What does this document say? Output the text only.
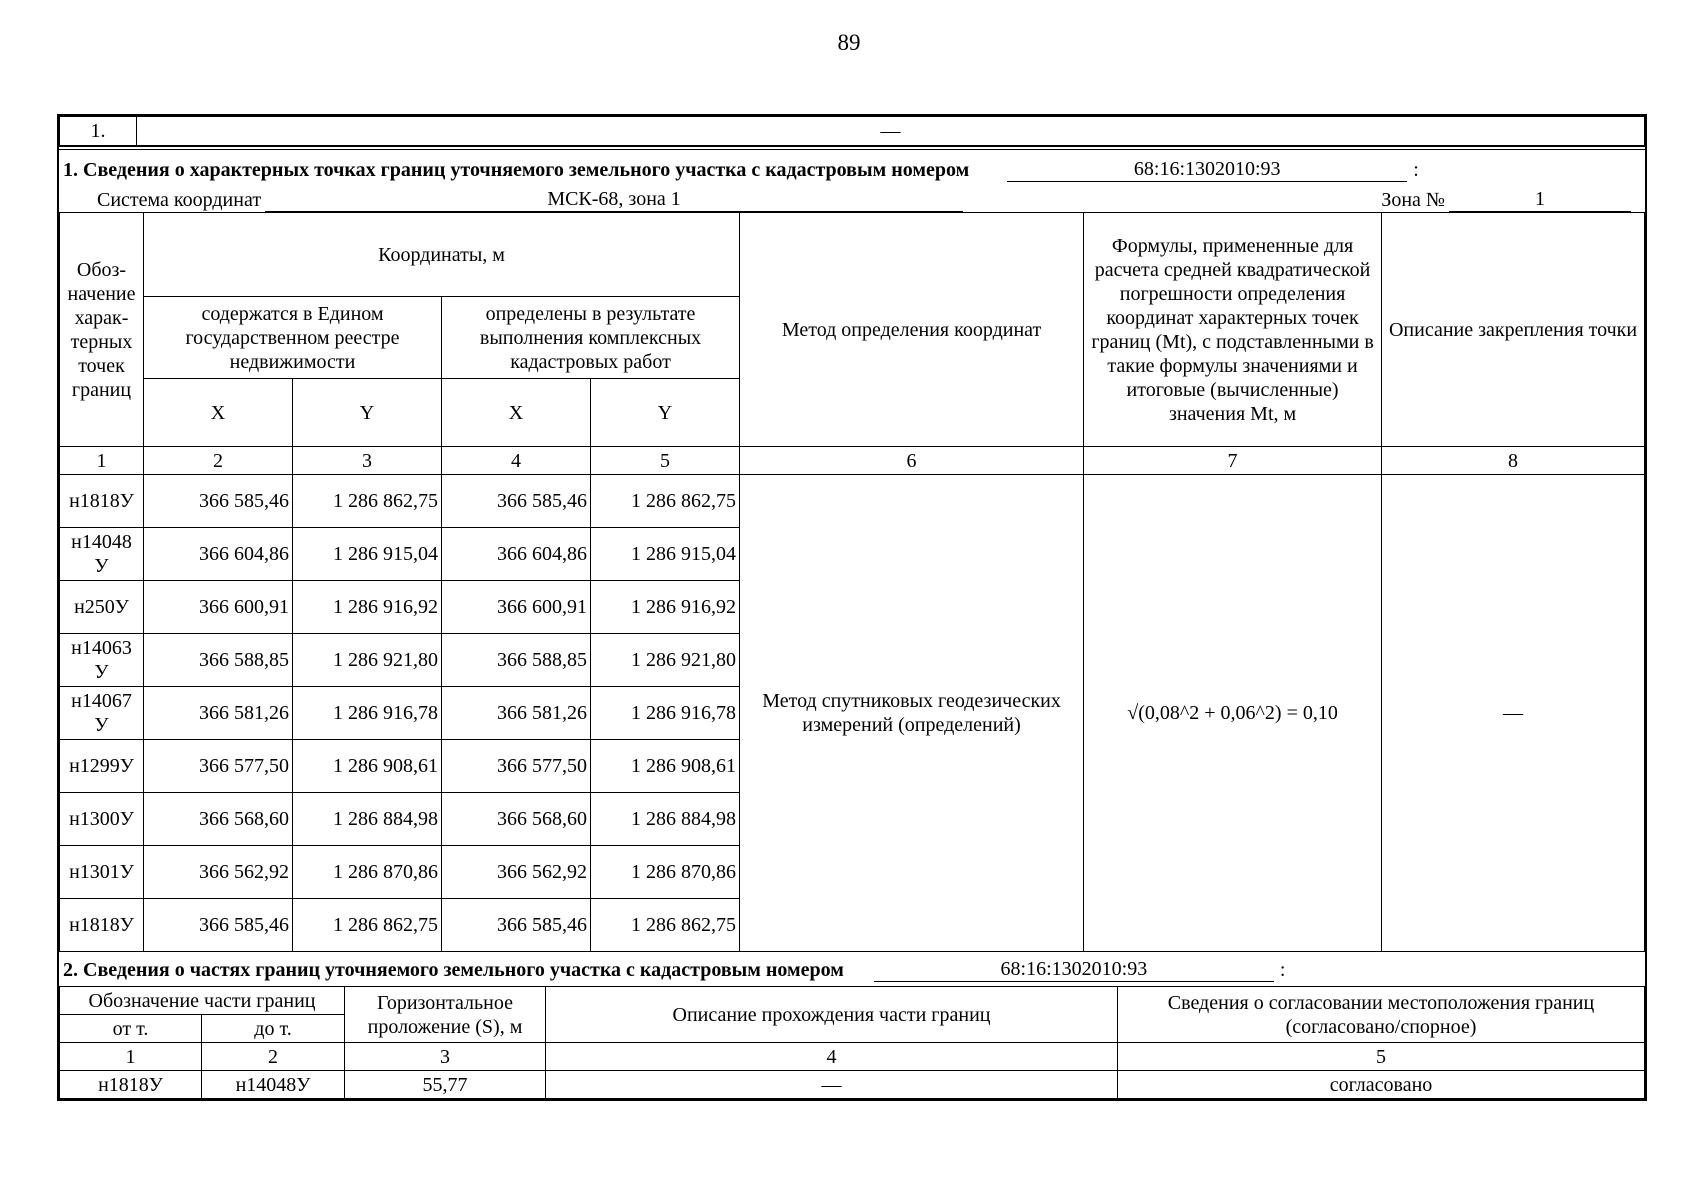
89
1.	—
1. Сведения о характерных точках границ уточняемого земельного участка с кадастровым номером	68:16:1302010:93	:
Система координат	МСК-68, зона 1	Зона №	1
Обоз-начение харак-терных точек границ	Координаты, м				Метод определения координат	Формулы, примененные для расчета средней квадратической погрешности определения координат характерных точек границ (Mt), с подставленными в такие формулы значениями и итоговые (вычисленные) значения Mt, м	Описание закрепления точки
	содержатся в Едином государственном реестре недвижимости		определены в результате выполнения комплексных кадастровых работ				
	X	Y	X	Y			
1	2	3	4	5	6	7	8
н1818У	366 585,46	1 286 862,75	366 585,46	1 286 862,75	Метод спутниковых геодезических измерений (определений)	√(0,08^2 + 0,06^2) = 0,10	—
н14048 У	366 604,86	1 286 915,04	366 604,86	1 286 915,04			
н250У	366 600,91	1 286 916,92	366 600,91	1 286 916,92			
н14063 У	366 588,85	1 286 921,80	366 588,85	1 286 921,80			
н14067 У	366 581,26	1 286 916,78	366 581,26	1 286 916,78			
н1299У	366 577,50	1 286 908,61	366 577,50	1 286 908,61			
н1300У	366 568,60	1 286 884,98	366 568,60	1 286 884,98			
н1301У	366 562,92	1 286 870,86	366 562,92	1 286 870,86			
н1818У	366 585,46	1 286 862,75	366 585,46	1 286 862,75			
2. Сведения о частях границ уточняемого земельного участка с кадастровым номером	68:16:1302010:93	:
Обозначение части границ		Горизонтальное проложение (S), м	Описание прохождения части границ	Сведения о согласовании местоположения границ (согласовано/спорное)
от т.	до т.			
1	2	3	4	5
н1818У	н14048У	55,77	—	согласовано
